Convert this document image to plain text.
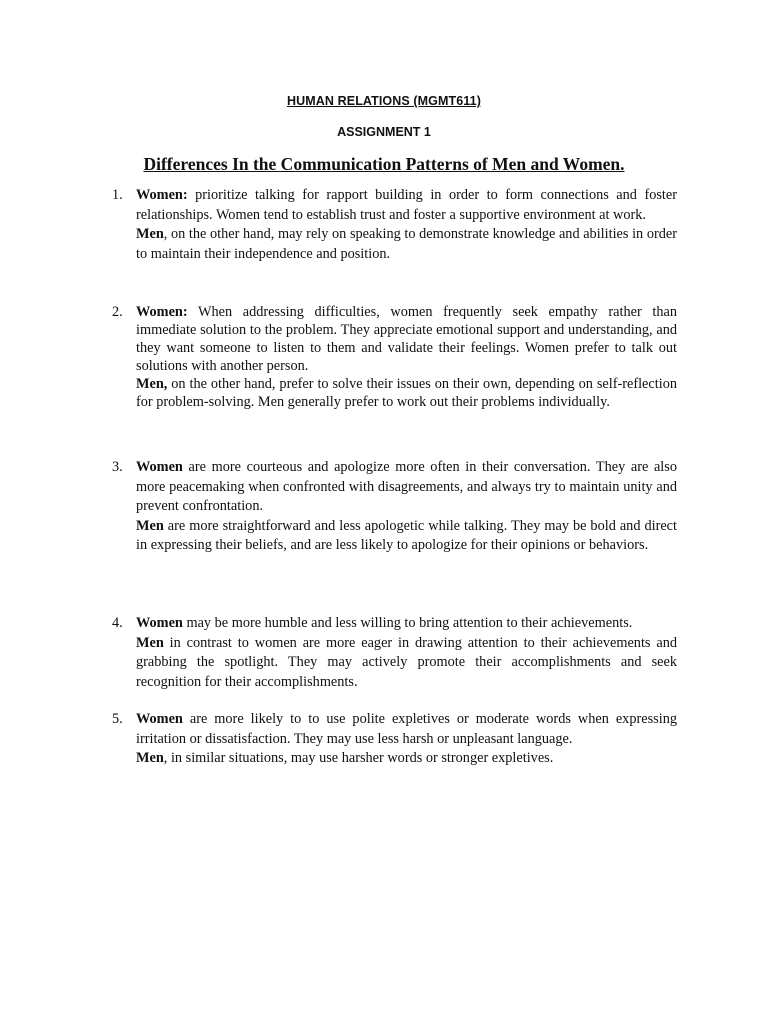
HUMAN RELATIONS (MGMT611)
ASSIGNMENT 1
Differences In the Communication Patterns of Men and Women.
1. Women: prioritize talking for rapport building in order to form connections and foster relationships. Women tend to establish trust and foster a supportive environment at work.

Men, on the other hand, may rely on speaking to demonstrate knowledge and abilities in order to maintain their independence and position.

2. Women: When addressing difficulties, women frequently seek empathy rather than immediate solution to the problem. They appreciate emotional support and understanding, and they want someone to listen to them and validate their feelings. Women prefer to talk out solutions with another person.

Men, on the other hand, prefer to solve their issues on their own, depending on self-reflection for problem-solving. Men generally prefer to work out their problems individually.

3. Women are more courteous and apologize more often in their conversation. They are also more peacemaking when confronted with disagreements, and always try to maintain unity and prevent confrontation.

Men are more straightforward and less apologetic while talking. They may be bold and direct in expressing their beliefs, and are less likely to apologize for their opinions or behaviors.

4. Women may be more humble and less willing to bring attention to their achievements.

Men in contrast to women are more eager in drawing attention to their achievements and grabbing the spotlight. They may actively promote their accomplishments and seek recognition for their accomplishments.

5. Women are more likely to to use polite expletives or moderate words when expressing irritation or dissatisfaction. They may use less harsh or unpleasant language.

Men, in similar situations, may use harsher words or stronger expletives.
